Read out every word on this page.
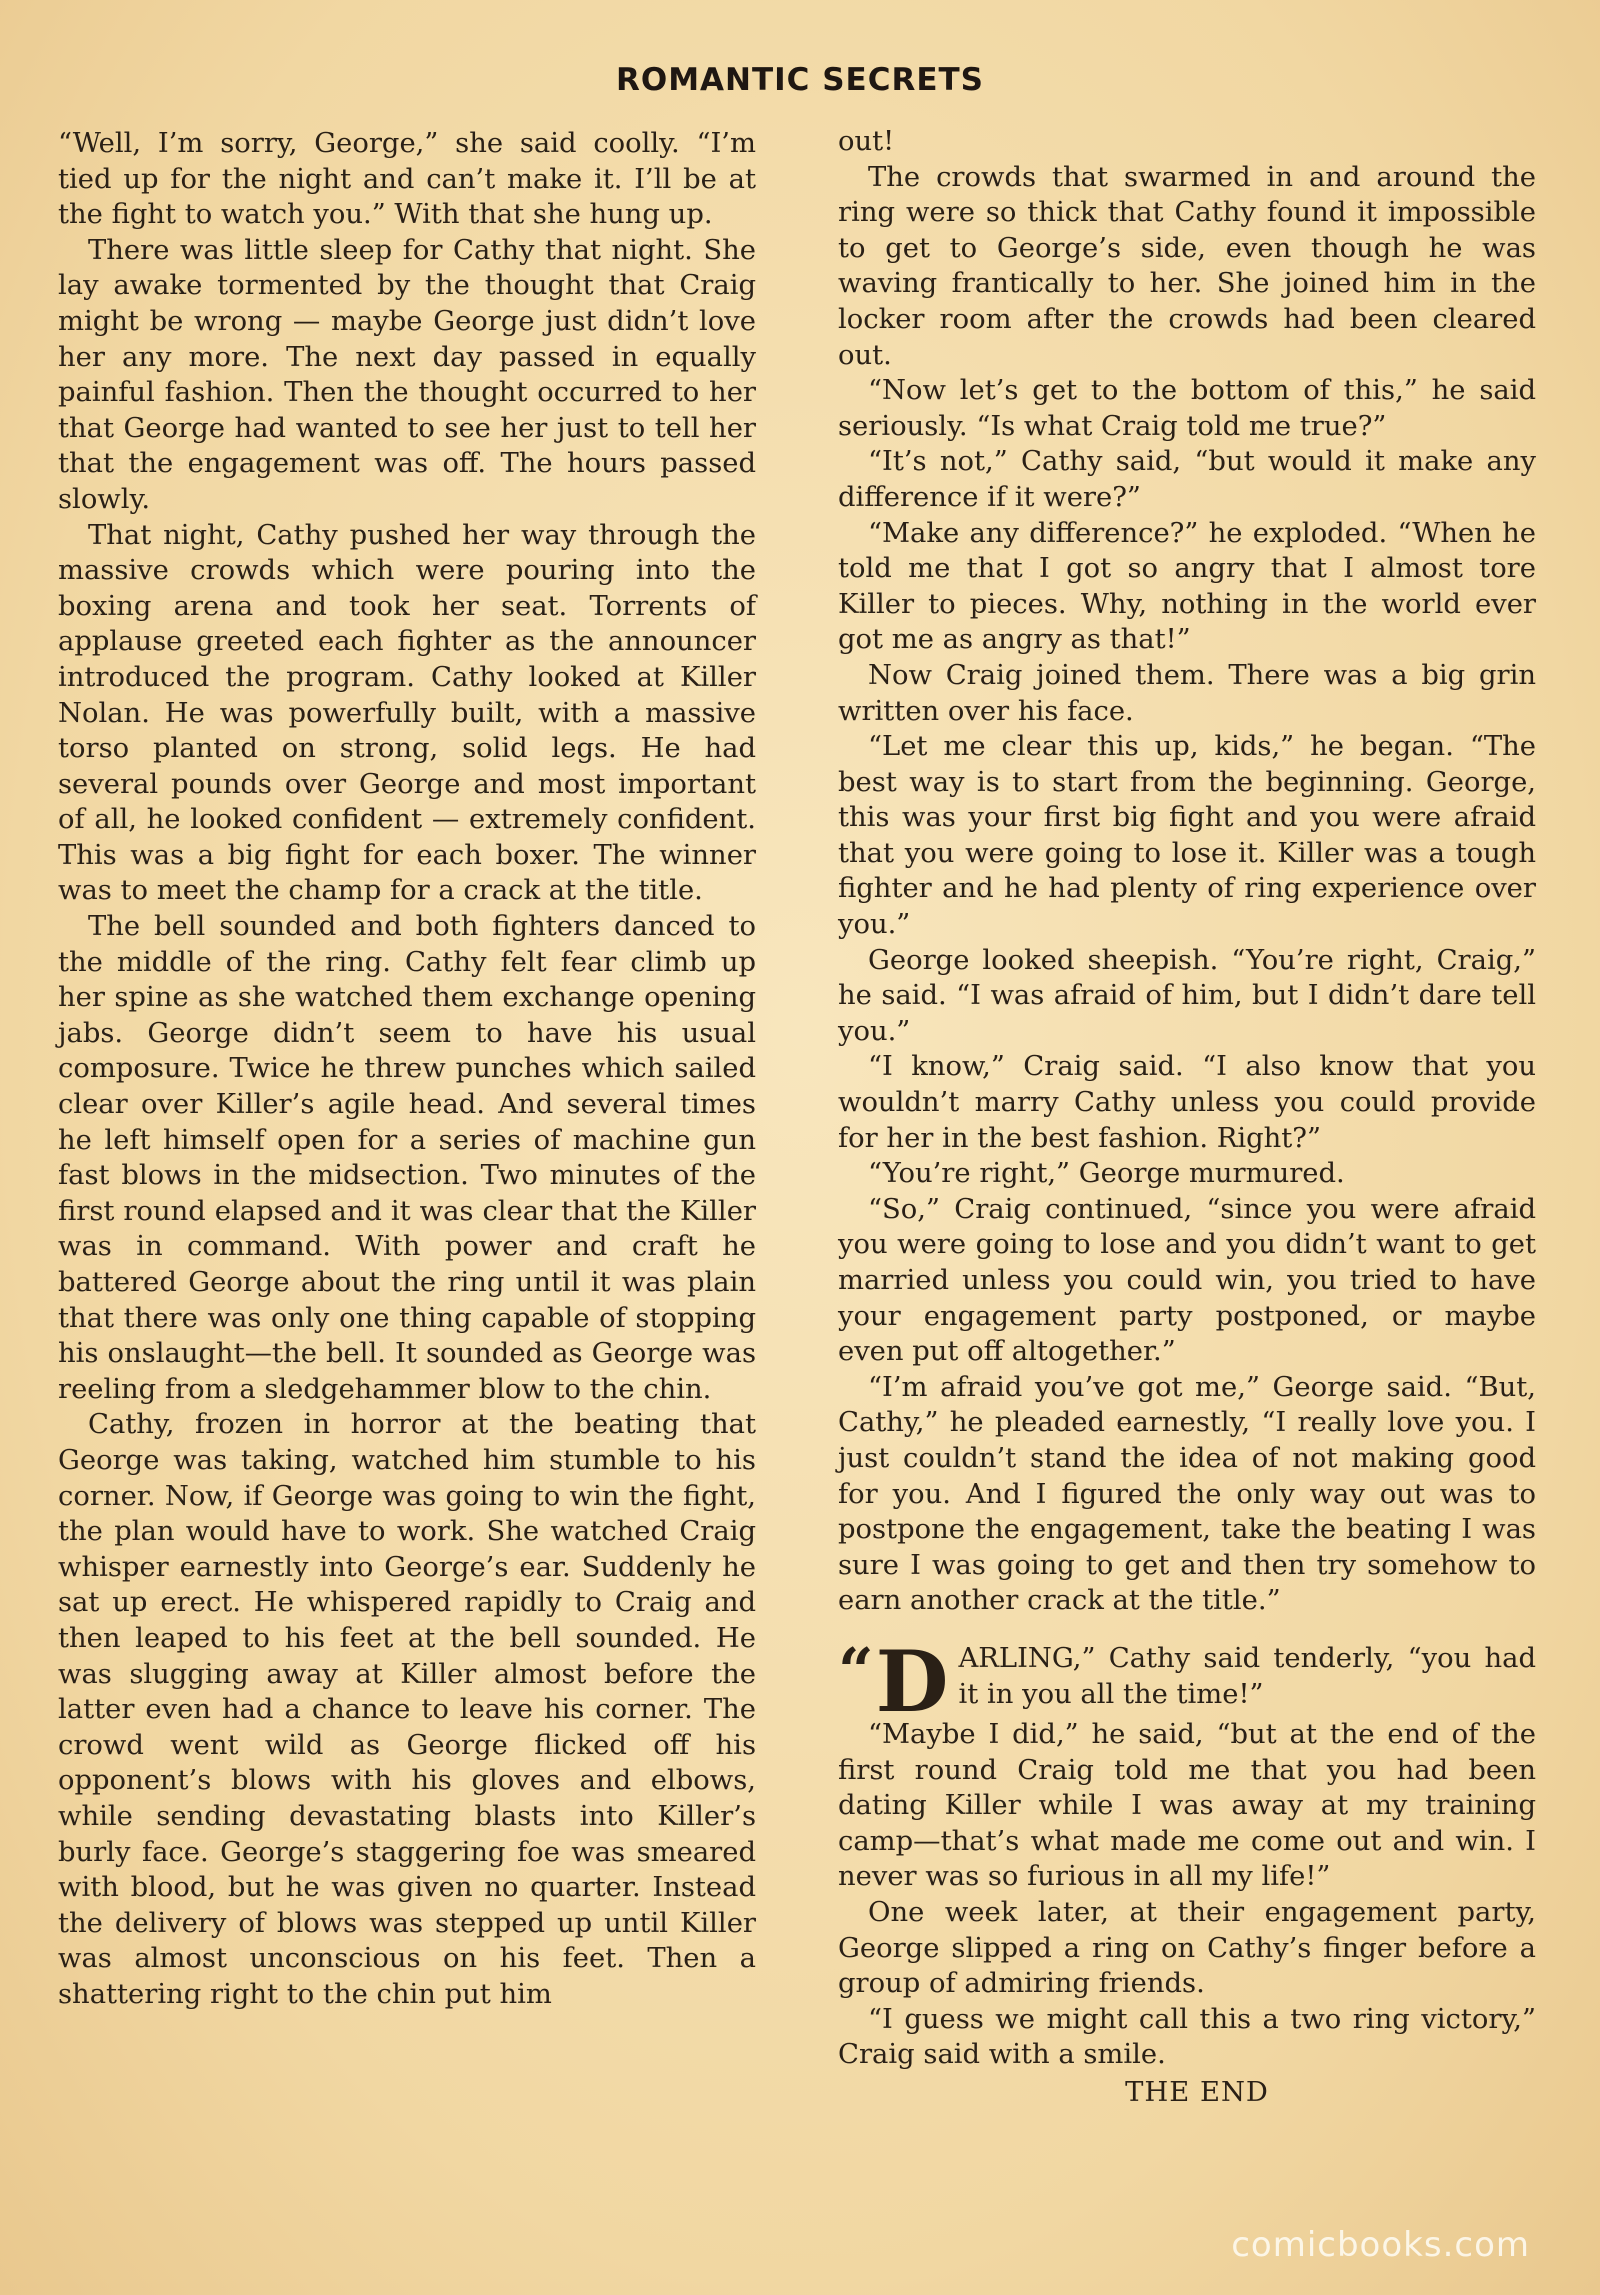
ROMANTIC SECRETS

“Well, I’m sorry, George,” she said coolly. “I’m tied up for the night and can’t make it. I’ll be at the fight to watch you.” With that she hung up.

There was little sleep for Cathy that night. She lay awake tormented by the thought that Craig might be wrong — maybe George just didn’t love her any more. The next day passed in equally painful fashion. Then the thought occurred to her that George had wanted to see her just to tell her that the engagement was off. The hours passed slowly.

That night, Cathy pushed her way through the massive crowds which were pouring into the boxing arena and took her seat. Torrents of applause greeted each fighter as the announcer introduced the program. Cathy looked at Killer Nolan. He was powerfully built, with a massive torso planted on strong, solid legs. He had several pounds over George and most important of all, he looked confident — extremely confident. This was a big fight for each boxer. The winner was to meet the champ for a crack at the title.

The bell sounded and both fighters danced to the middle of the ring. Cathy felt fear climb up her spine as she watched them exchange opening jabs. George didn’t seem to have his usual composure. Twice he threw punches which sailed clear over Killer’s agile head. And several times he left himself open for a series of machine gun fast blows in the midsection. Two minutes of the first round elapsed and it was clear that the Killer was in command. With power and craft he battered George about the ring until it was plain that there was only one thing capable of stopping his onslaught—the bell. It sounded as George was reeling from a sledgehammer blow to the chin.

Cathy, frozen in horror at the beating that George was taking, watched him stumble to his corner. Now, if George was going to win the fight, the plan would have to work. She watched Craig whisper earnestly into George’s ear. Suddenly he sat up erect. He whispered rapidly to Craig and then leaped to his feet at the bell sounded. He was slugging away at Killer almost before the latter even had a chance to leave his corner. The crowd went wild as George flicked off his opponent’s blows with his gloves and elbows, while sending devastating blasts into Killer’s burly face. George’s staggering foe was smeared with blood, but he was given no quarter. Instead the delivery of blows was stepped up until Killer was almost unconscious on his feet. Then a shattering right to the chin put him

out!

The crowds that swarmed in and around the ring were so thick that Cathy found it impossible to get to George’s side, even though he was waving frantically to her. She joined him in the locker room after the crowds had been cleared out.

“Now let’s get to the bottom of this,” he said seriously. “Is what Craig told me true?”

“It’s not,” Cathy said, “but would it make any difference if it were?”

“Make any difference?” he exploded. “When he told me that I got so angry that I almost tore Killer to pieces. Why, nothing in the world ever got me as angry as that!”

Now Craig joined them. There was a big grin written over his face.

“Let me clear this up, kids,” he began. “The best way is to start from the beginning. George, this was your first big fight and you were afraid that you were going to lose it. Killer was a tough fighter and he had plenty of ring experience over you.”

George looked sheepish. “You’re right, Craig,” he said. “I was afraid of him, but I didn’t dare tell you.”

“I know,” Craig said. “I also know that you wouldn’t marry Cathy unless you could provide for her in the best fashion. Right?”

“You’re right,” George murmured.

“So,” Craig continued, “since you were afraid you were going to lose and you didn’t want to get married unless you could win, you tried to have your engagement party postponed, or maybe even put off altogether.”

“I’m afraid you’ve got me,” George said. “But, Cathy,” he pleaded earnestly, “I really love you. I just couldn’t stand the idea of not making good for you. And I figured the only way out was to postpone the engagement, take the beating I was sure I was going to get and then try somehow to earn another crack at the title.”

“ D ARLING,” Cathy said tenderly, “you had it in you all the time!”

“Maybe I did,” he said, “but at the end of the first round Craig told me that you had been dating Killer while I was away at my training camp—that’s what made me come out and win. I never was so furious in all my life!”

One week later, at their engagement party, George slipped a ring on Cathy’s finger before a group of admiring friends.

“I guess we might call this a two ring victory,” Craig said with a smile.

THE END
comicbooks.com
